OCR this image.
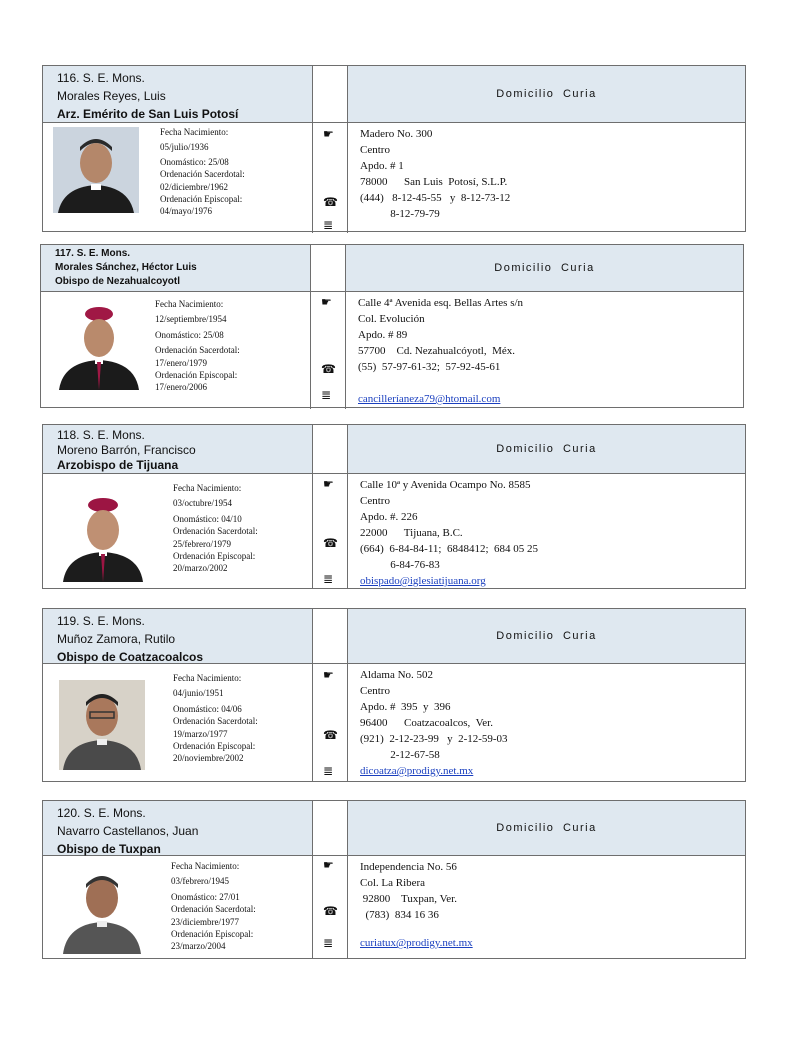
116. S. E. Mons.
Morales Reyes, Luis
Arz. Emérito de San Luis Potosí
Domicilio Curia
Fecha Nacimiento:
05/julio/1936
Onomástico: 25/08
Ordenación Sacerdotal:
02/diciembre/1962
Ordenación Episcopal:
04/mayo/1976
☛
☎
≣
Madero No. 300
Centro
Apdo. # 1
78000      San Luis  Potosí, S.L.P.
(444)   8-12-45-55   y  8-12-73-12
8-12-79-79
117. S. E. Mons.
Morales Sánchez, Héctor Luis
Obispo de Nezahualcoyotl
Domicilio Curia
Fecha Nacimiento:
12/septiembre/1954
Onomástico: 25/08
Ordenación Sacerdotal:
17/enero/1979
Ordenación Episcopal:
17/enero/2006
☛
☎
≣
Calle 4ª Avenida esq. Bellas Artes s/n
Col. Evolución
Apdo. # 89
57700    Cd. Nezahualcóyotl,  Méx.
(55)  57-97-61-32;  57-92-45-61
cancilleríaneza79@htomail.com
118. S. E. Mons.
Moreno Barrón, Francisco
Arzobispo de Tijuana
Domicilio Curia
Fecha Nacimiento:
03/octubre/1954
Onomástico: 04/10
Ordenación Sacerdotal:
25/febrero/1979
Ordenación Episcopal:
20/marzo/2002
☛
☎
≣
Calle 10ª y Avenida Ocampo No. 8585
Centro
Apdo. #. 226
22000      Tijuana, B.C.
(664)  6-84-84-11;  6848412;  684 05 25
6-84-76-83
obispado@iglesiatijuana.org
119. S. E. Mons.
Muñoz Zamora, Rutilo
Obispo de Coatzacoalcos
Domicilio Curia
Fecha Nacimiento:
04/junio/1951
Onomástico: 04/06
Ordenación Sacerdotal:
19/marzo/1977
Ordenación Episcopal:
20/noviembre/2002
☛
☎
≣
Aldama No. 502
Centro
Apdo. #  395  y  396
96400      Coatzacoalcos,  Ver.
(921)  2-12-23-99   y  2-12-59-03
2-12-67-58
dicoatza@prodigy.net.mx
120. S. E. Mons.
Navarro Castellanos, Juan
Obispo de Tuxpan
Domicilio Curia
Fecha Nacimiento:
03/febrero/1945
Onomástico: 27/01
Ordenación Sacerdotal:
23/diciembre/1977
Ordenación Episcopal:
23/marzo/2004
☛
☎
≣
Independencia No. 56
Col. La Ribera
92800    Tuxpan, Ver.
(783)  834 16 36
curiatux@prodigy.net.mx
